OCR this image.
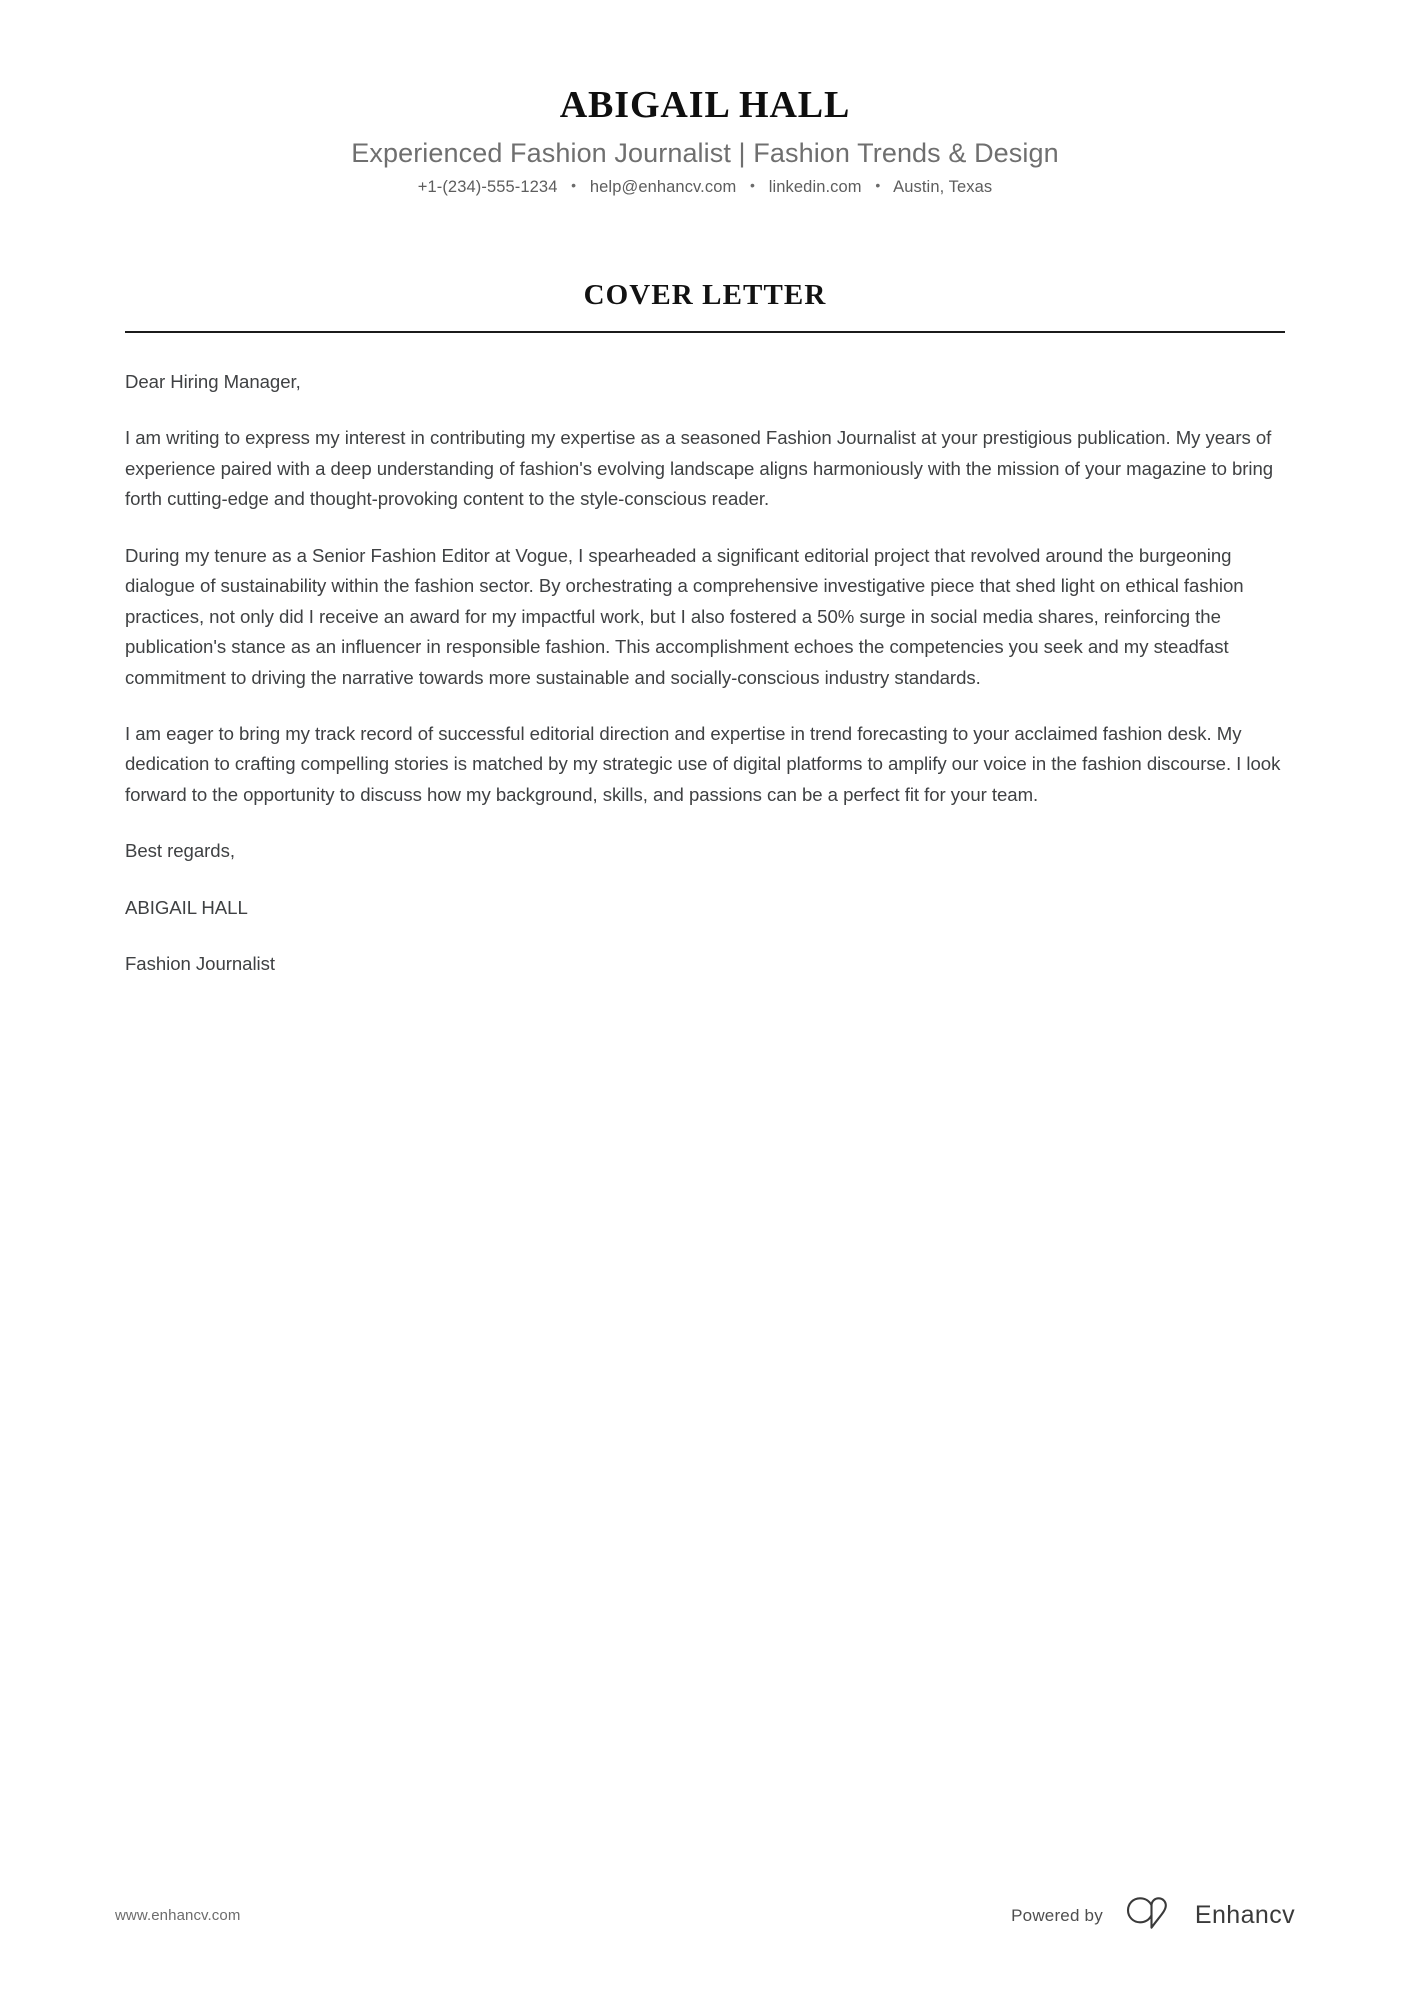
ABIGAIL HALL
Experienced Fashion Journalist | Fashion Trends & Design
+1-(234)-555-1234 • help@enhancv.com • linkedin.com • Austin, Texas
COVER LETTER

Dear Hiring Manager,

I am writing to express my interest in contributing my expertise as a seasoned Fashion Journalist at your prestigious publication. My years of experience paired with a deep understanding of fashion's evolving landscape aligns harmoniously with the mission of your magazine to bring forth cutting-edge and thought-provoking content to the style-conscious reader.

During my tenure as a Senior Fashion Editor at Vogue, I spearheaded a significant editorial project that revolved around the burgeoning dialogue of sustainability within the fashion sector. By orchestrating a comprehensive investigative piece that shed light on ethical fashion practices, not only did I receive an award for my impactful work, but I also fostered a 50% surge in social media shares, reinforcing the publication's stance as an influencer in responsible fashion. This accomplishment echoes the competencies you seek and my steadfast commitment to driving the narrative towards more sustainable and socially-conscious industry standards.

I am eager to bring my track record of successful editorial direction and expertise in trend forecasting to your acclaimed fashion desk. My dedication to crafting compelling stories is matched by my strategic use of digital platforms to amplify our voice in the fashion discourse. I look forward to the opportunity to discuss how my background, skills, and passions can be a perfect fit for your team.

Best regards,

ABIGAIL HALL

Fashion Journalist

www.enhancv.com	Powered by	Enhancv
